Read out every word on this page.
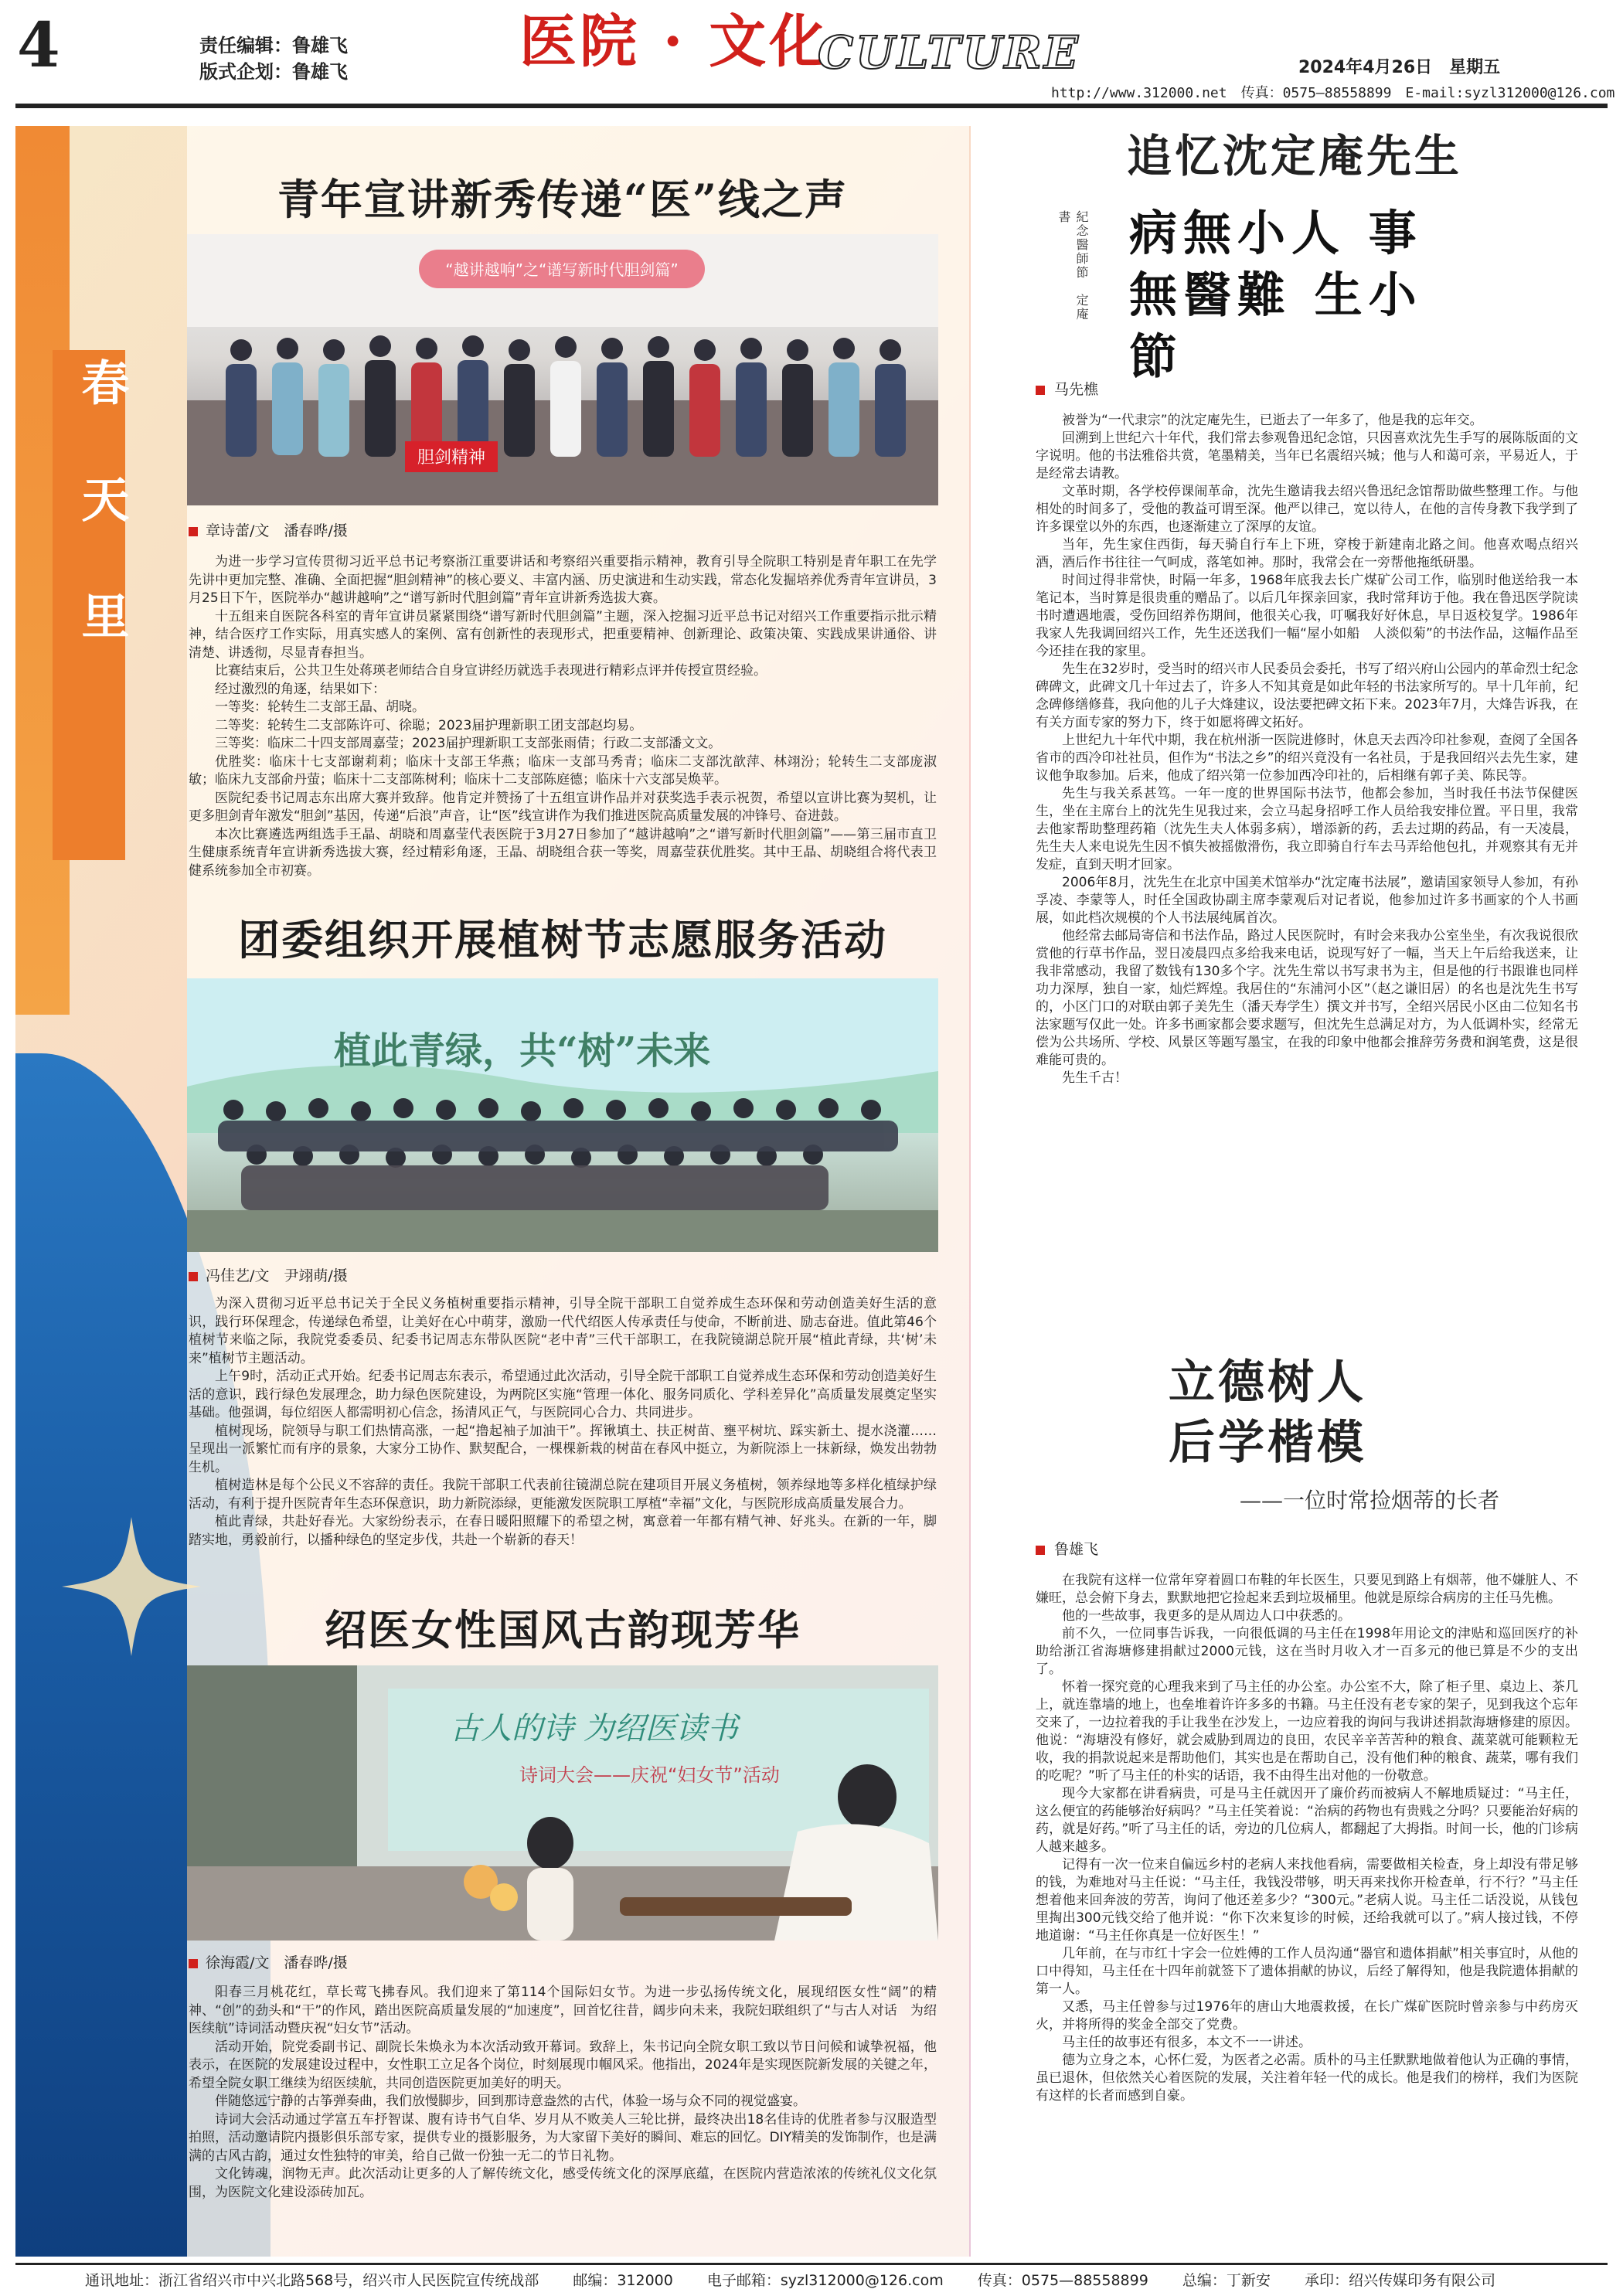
4	责任编辑：鲁雄飞
版式企划：鲁雄飞	医院 · 文化
CULTURE	2024年4月26日　星期五
http://www.312000.net　传真：0575—88558899　E-mail:syzl312000@126.com
春 天 里
青年宣讲新秀传递“医”线之声
胆剑精神
“越讲越响”之“谱写新时代胆剑篇”
章诗蕾/文　潘春晔/摄

为进一步学习宣传贯彻习近平总书记考察浙江重要讲话和考察绍兴重要指示精神，教育引导全院职工特别是青年职工在先学先讲中更加完整、准确、全面把握“胆剑精神”的核心要义、丰富内涵、历史演进和生动实践，常态化发掘培养优秀青年宣讲员，3月25日下午，医院举办“越讲越响”之“谱写新时代胆剑篇”青年宣讲新秀选拔大赛。

十五组来自医院各科室的青年宣讲员紧紧围绕“谱写新时代胆剑篇”主题，深入挖掘习近平总书记对绍兴工作重要指示批示精神，结合医疗工作实际，用真实感人的案例、富有创新性的表现形式，把重要精神、创新理论、政策决策、实践成果讲通俗、讲清楚、讲透彻，尽显青春担当。

比赛结束后，公共卫生处蒋瑛老师结合自身宣讲经历就选手表现进行精彩点评并传授宣贯经验。

经过激烈的角逐，结果如下：

一等奖：轮转生二支部王晶、胡晓。

二等奖：轮转生二支部陈许可、徐聪；2023届护理新职工团支部赵均易。

三等奖：临床二十四支部周嘉莹；2023届护理新职工支部张雨倩；行政二支部潘文文。

优胜奖：临床十七支部谢莉莉；临床十支部王华燕；临床一支部马秀青；临床二支部沈歆萍、林翊汾；轮转生二支部庞淑敏；临床九支部俞丹萤；临床十二支部陈树利；临床十二支部陈庭德；临床十六支部吴焕苹。

医院纪委书记周志东出席大赛并致辞。他肯定并赞扬了十五组宣讲作品并对获奖选手表示祝贺，希望以宣讲比赛为契机，让更多胆剑青年激发“胆剑”基因，传递“后浪”声音，让“医”线宣讲作为我们推进医院高质量发展的冲锋号、奋进鼓。

本次比赛遴选两组选手王晶、胡晓和周嘉莹代表医院于3月27日参加了“越讲越响”之“谱写新时代胆剑篇”——第三届市直卫生健康系统青年宣讲新秀选拔大赛，经过精彩角逐，王晶、胡晓组合获一等奖，周嘉莹获优胜奖。其中王晶、胡晓组合将代表卫健系统参加全市初赛。

团委组织开展植树节志愿服务活动
植此青绿，共“树”未来
冯佳艺/文　尹翊萌/摄

为深入贯彻习近平总书记关于全民义务植树重要指示精神，引导全院干部职工自觉养成生态环保和劳动创造美好生活的意识，践行环保理念，传递绿色希望，让美好在心中萌芽，激励一代代绍医人传承责任与使命，不断前进、励志奋进。值此第46个植树节来临之际，我院党委委员、纪委书记周志东带队医院“老中青”三代干部职工，在我院镜湖总院开展“植此青绿，共‘树’未来”植树节主题活动。

上午9时，活动正式开始。纪委书记周志东表示，希望通过此次活动，引导全院干部职工自觉养成生态环保和劳动创造美好生活的意识，践行绿色发展理念，助力绿色医院建设，为两院区实施“管理一体化、服务同质化、学科差异化”高质量发展奠定坚实基础。他强调，每位绍医人都需明初心信念，扬清风正气，与医院同心合力、共同进步。

植树现场，院领导与职工们热情高涨，一起“撸起袖子加油干”。挥锹填土、扶正树苗、壅平树坑、踩实新土、提水浇灌……呈现出一派繁忙而有序的景象，大家分工协作、默契配合，一棵棵新栽的树苗在春风中挺立，为新院添上一抹新绿，焕发出勃勃生机。

植树造林是每个公民义不容辞的责任。我院干部职工代表前往镜湖总院在建项目开展义务植树，领养绿地等多样化植绿护绿活动，有利于提升医院青年生态环保意识，助力新院添绿，更能激发医院职工厚植“幸福”文化，与医院形成高质量发展合力。

植此青绿，共赴好春光。大家纷纷表示，在春日暖阳照耀下的希望之树，寓意着一年都有精气神、好兆头。在新的一年，脚踏实地，勇毅前行，以播种绿色的坚定步伐，共赴一个崭新的春天！

绍医女性国风古韵现芳华
古人的诗 为绍医读书
诗词大会——庆祝“妇女节”活动
徐海霞/文　潘春晔/摄

阳春三月桃花红，草长莺飞拂春风。我们迎来了第114个国际妇女节。为进一步弘扬传统文化，展现绍医女性“阔”的精神、“创”的劲头和“干”的作风，踏出医院高质量发展的“加速度”，回首忆往昔，阔步向未来，我院妇联组织了“与古人对话　为绍医续航”诗词活动暨庆祝“妇女节”活动。

活动开始，院党委副书记、副院长朱焕永为本次活动致开幕词。致辞上，朱书记向全院女职工致以节日问候和诚挚祝福，他表示，在医院的发展建设过程中，女性职工立足各个岗位，时刻展现巾帼风采。他指出，2024年是实现医院新发展的关键之年，希望全院女职工继续为绍医续航，共同创造医院更加美好的明天。

伴随悠远宁静的古筝弹奏曲，我们放慢脚步，回到那诗意盎然的古代，体验一场与众不同的视觉盛宴。

诗词大会活动通过学富五车抒智谋、腹有诗书气自华、岁月从不败美人三轮比拼，最终决出18名佳诗的优胜者参与汉服造型拍照，活动邀请院内摄影俱乐部专家，提供专业的摄影服务，为大家留下美好的瞬间、难忘的回忆。DIY精美的发饰制作，也是满满的古风古韵，通过女性独特的审美，给自己做一份独一无二的节日礼物。

文化铸魂，润物无声。此次活动让更多的人了解传统文化，感受传统文化的深厚底蕴，在医院内营造浓浓的传统礼仪文化氛围，为医院文化建设添砖加瓦。

追忆沈定庵先生
紀念醫師節　定庵書	病無小人 事無醫難 生小節
马先樵

被誉为“一代隶宗”的沈定庵先生，已逝去了一年多了，他是我的忘年交。

回溯到上世纪六十年代，我们常去参观鲁迅纪念馆，只因喜欢沈先生手写的展陈版面的文字说明。他的书法雅俗共赏，笔墨精美，当年已名震绍兴城；他与人和蔼可亲，平易近人，于是经常去请教。

文革时期，各学校停课闹革命，沈先生邀请我去绍兴鲁迅纪念馆帮助做些整理工作。与他相处的时间多了，受他的教益可谓至深。他严以律己，宽以待人，在他的言传身教下我学到了许多课堂以外的东西，也逐渐建立了深厚的友谊。

当年，先生家住西街，每天骑自行车上下班，穿梭于新建南北路之间。他喜欢喝点绍兴酒，酒后作书往往一气呵成，落笔如神。那时，我常会在一旁帮他拖纸研墨。

时间过得非常快，时隔一年多，1968年底我去长广煤矿公司工作，临别时他送给我一本笔记本，当时算是很贵重的赠品了。以后几年探亲回家，我时常拜访于他。我在鲁迅医学院读书时遭遇地震，受伤回绍养伤期间，他很关心我，叮嘱我好好休息，早日返校复学。1986年我家人先我调回绍兴工作，先生还送我们一幅“屋小如船　人淡似菊”的书法作品，这幅作品至今还挂在我的家里。

先生在32岁时，受当时的绍兴市人民委员会委托，书写了绍兴府山公园内的革命烈士纪念碑碑文，此碑文几十年过去了，许多人不知其竟是如此年轻的书法家所写的。早十几年前，纪念碑修缮修葺，我向他的儿子大烽建议，设法要把碑文拓下来。2023年7月，大烽告诉我，在有关方面专家的努力下，终于如愿将碑文拓好。

上世纪九十年代中期，我在杭州浙一医院进修时，休息天去西冷印社参观，查阅了全国各省市的西冷印社社员，但作为“书法之乡”的绍兴竟没有一名社员，于是我回绍兴去先生家，建议他争取参加。后来，他成了绍兴第一位参加西冷印社的，后相继有郭子美、陈民等。

先生与我关系甚笃。一年一度的世界国际书法节，他都会参加，当时我任书法节保健医生，坐在主席台上的沈先生见我过来，会立马起身招呼工作人员给我安排位置。平日里，我常去他家帮助整理药箱（沈先生夫人体弱多病），增添新的药，丢去过期的药品，有一天凌晨，先生夫人来电说先生因不慎失被摇傲滑伤，我立即骑自行车去马弄给他包扎，并观察其有无并发症，直到天明才回家。

2006年8月，沈先生在北京中国美术馆举办“沈定庵书法展”，邀请国家领导人参加，有孙孚凌、李蒙等人，时任全国政协副主席李蒙观后对记者说，他参加过许多书画家的个人书画展，如此档次规模的个人书法展纯属首次。

他经常去邮局寄信和书法作品，路过人民医院时，有时会来我办公室坐坐，有次我说很欣赏他的行草书作品，翌日凌晨四点多给我来电话，说现写好了一幅，当天上午后给我送来，让我非常感动，我留了数钱有130多个字。沈先生常以书写隶书为主，但是他的行书跟谁也同样功力深厚，独自一家，灿烂辉煌。我居住的“东浦河小区”（赵之谦旧居）的名也是沈先生书写的，小区门口的对联由郭子美先生（潘天寿学生）撰文并书写，全绍兴居民小区由二位知名书法家题写仅此一处。许多书画家都会要求题写，但沈先生总满足对方，为人低调朴实，经常无偿为公共场所、学校、风景区等题写墨宝，在我的印象中他都会推辞劳务费和润笔费，这是很难能可贵的。

先生千古！

立德树人
后学楷模
——一位时常捡烟蒂的长者
鲁雄飞

在我院有这样一位常年穿着圆口布鞋的年长医生，只要见到路上有烟蒂，他不嫌脏人、不嫌旺，总会俯下身去，默默地把它捡起来丢到垃圾桶里。他就是原综合病房的主任马先樵。

他的一些故事，我更多的是从周边人口中获悉的。

前不久，一位同事告诉我，一向很低调的马主任在1998年用论文的津贴和巡回医疗的补助给浙江省海塘修建捐献过2000元钱，这在当时月收入才一百多元的他已算是不少的支出了。

怀着一探究竟的心理我来到了马主任的办公室。办公室不大，除了柜子里、桌边上、茶几上，就连靠墙的地上，也垒堆着许许多多的书籍。马主任没有老专家的架子，见到我这个忘年交来了，一边拉着我的手让我坐在沙发上，一边应着我的询问与我讲述捐款海塘修建的原因。他说：“海塘没有修好，就会威胁到周边的良田，农民辛辛苦苦种的粮食、蔬菜就可能颗粒无收，我的捐款说起来是帮助他们，其实也是在帮助自己，没有他们种的粮食、蔬菜，哪有我们的吃呢？”听了马主任的朴实的话语，我不由得生出对他的一份敬意。

现今大家都在讲看病贵，可是马主任就因开了廉价药而被病人不解地质疑过：“马主任，这么便宜的药能够治好病吗？”马主任笑着说：“治病的药物也有贵贱之分吗？只要能治好病的药，就是好药。”听了马主任的话，旁边的几位病人，都翻起了大拇指。时间一长，他的门诊病人越来越多。

记得有一次一位来自偏远乡村的老病人来找他看病，需要做相关检查，身上却没有带足够的钱，为难地对马主任说：“马主任，我钱没带够，明天再来找你开检查单，行不行？”马主任想着他来回奔波的劳苦，询问了他还差多少？“300元。”老病人说。马主任二话没说，从钱包里掏出300元钱交给了他并说：“你下次来复诊的时候，还给我就可以了。”病人接过钱，不停地道谢：“马主任你真是一位好医生！”

几年前，在与市红十字会一位姓傅的工作人员沟通“器官和遗体捐献”相关事宜时，从他的口中得知，马主任在十四年前就签下了遗体捐献的协议，后经了解得知，他是我院遗体捐献的第一人。

又悉，马主任曾参与过1976年的唐山大地震救援，在长广煤矿医院时曾亲参与中药房灭火，并将所得的奖金全部交了党费。

马主任的故事还有很多，本文不一一讲述。

德为立身之本，心怀仁爱，为医者之必需。质朴的马主任默默地做着他认为正确的事情，虽已退休，但依然关心着医院的发展，关注着年轻一代的成长。他是我们的榜样，我们为医院有这样的长者而感到自豪。

通讯地址：浙江省绍兴市中兴北路568号，绍兴市人民医院宣传统战部 邮编：312000 电子邮箱：syzl312000@126.com 传真：0575—88558899 总编：丁新安 承印：绍兴传媒印务有限公司
